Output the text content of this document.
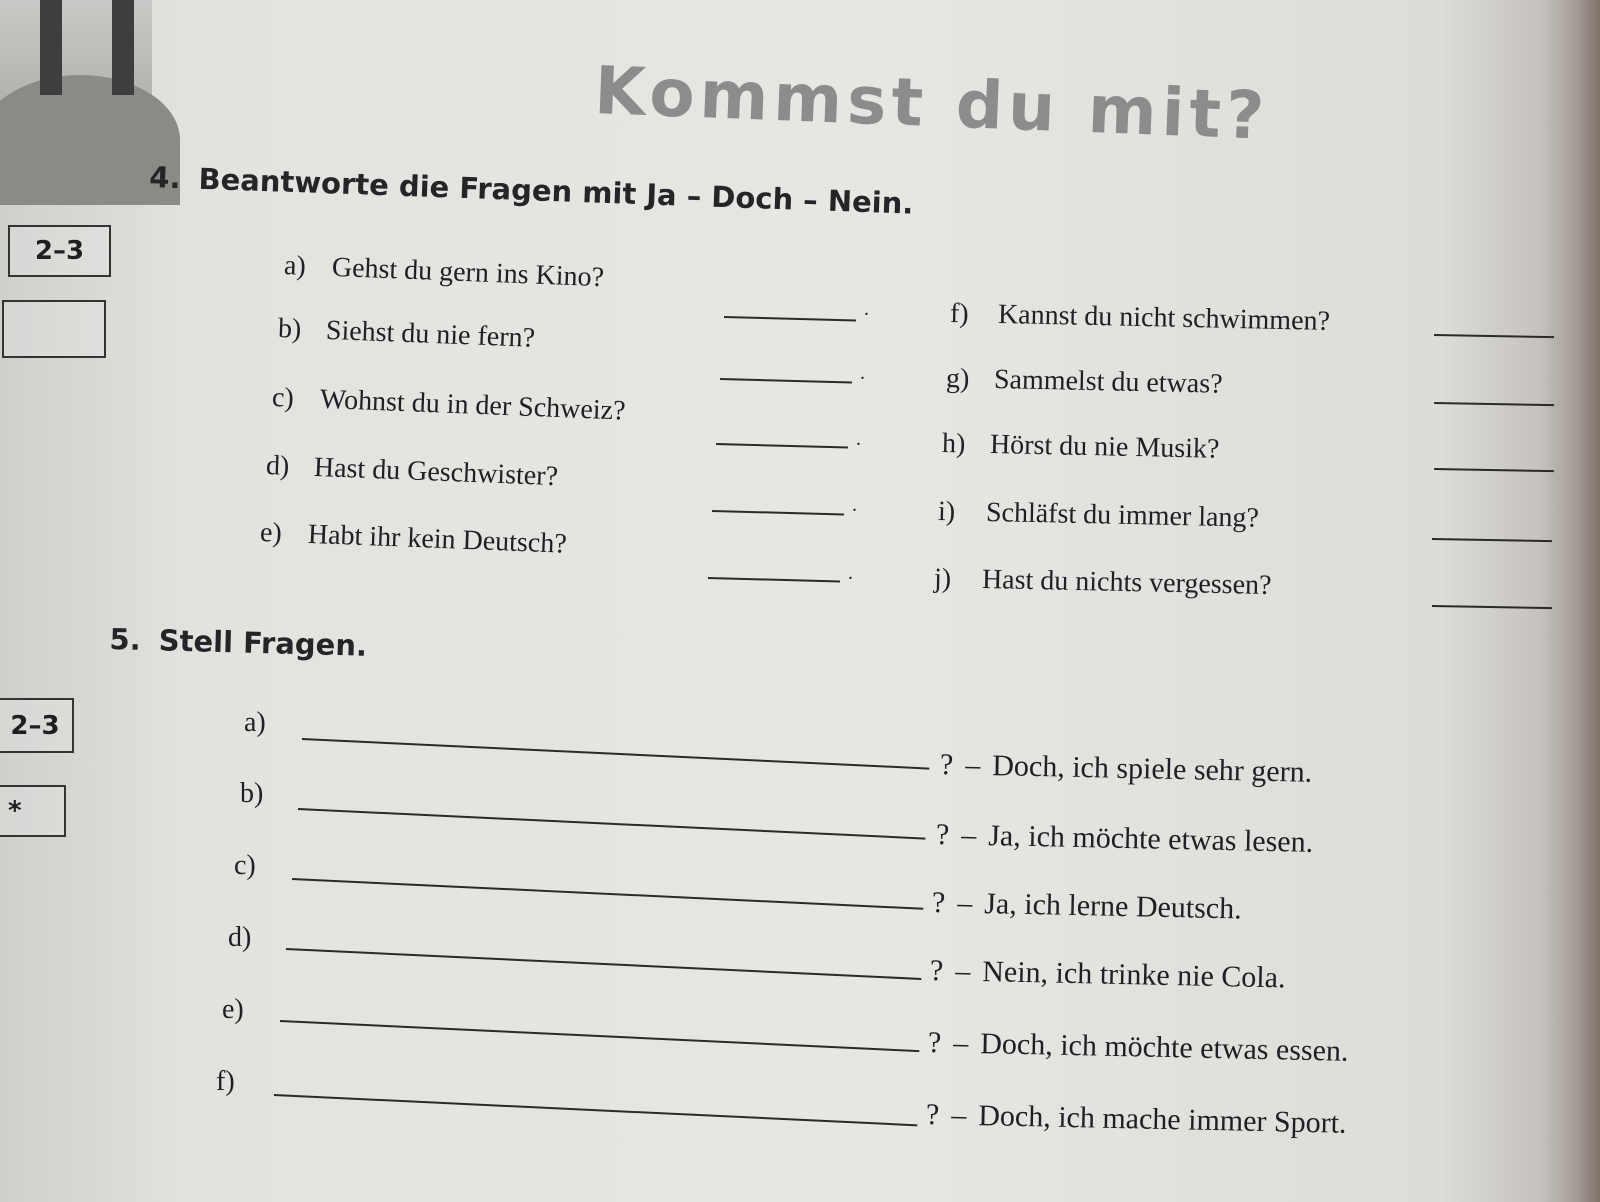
Kommst du mit?
4. Beantworte die Fragen mit Ja – Doch – Nein.
2–3	a) Gehst du gern ins Kino?
.
b) Siehst du nie fern?
.
c) Wohnst du in der Schweiz?
.
d) Hast du Geschwister?
.
e) Habt ihr kein Deutsch?
.
f) Kannst du nicht schwimmen?
g) Sammelst du etwas?
h) Hörst du nie Musik?
i) Schläfst du immer lang?
j) Hast du nichts vergessen?
5. Stell Fragen.
2–3
*
a)
? – Doch, ich spiele sehr gern.
b)
? – Ja, ich möchte etwas lesen.
c)
? – Ja, ich lerne Deutsch.
d)
? – Nein, ich trinke nie Cola.
e)
? – Doch, ich möchte etwas essen.
f)
? – Doch, ich mache immer Sport.
